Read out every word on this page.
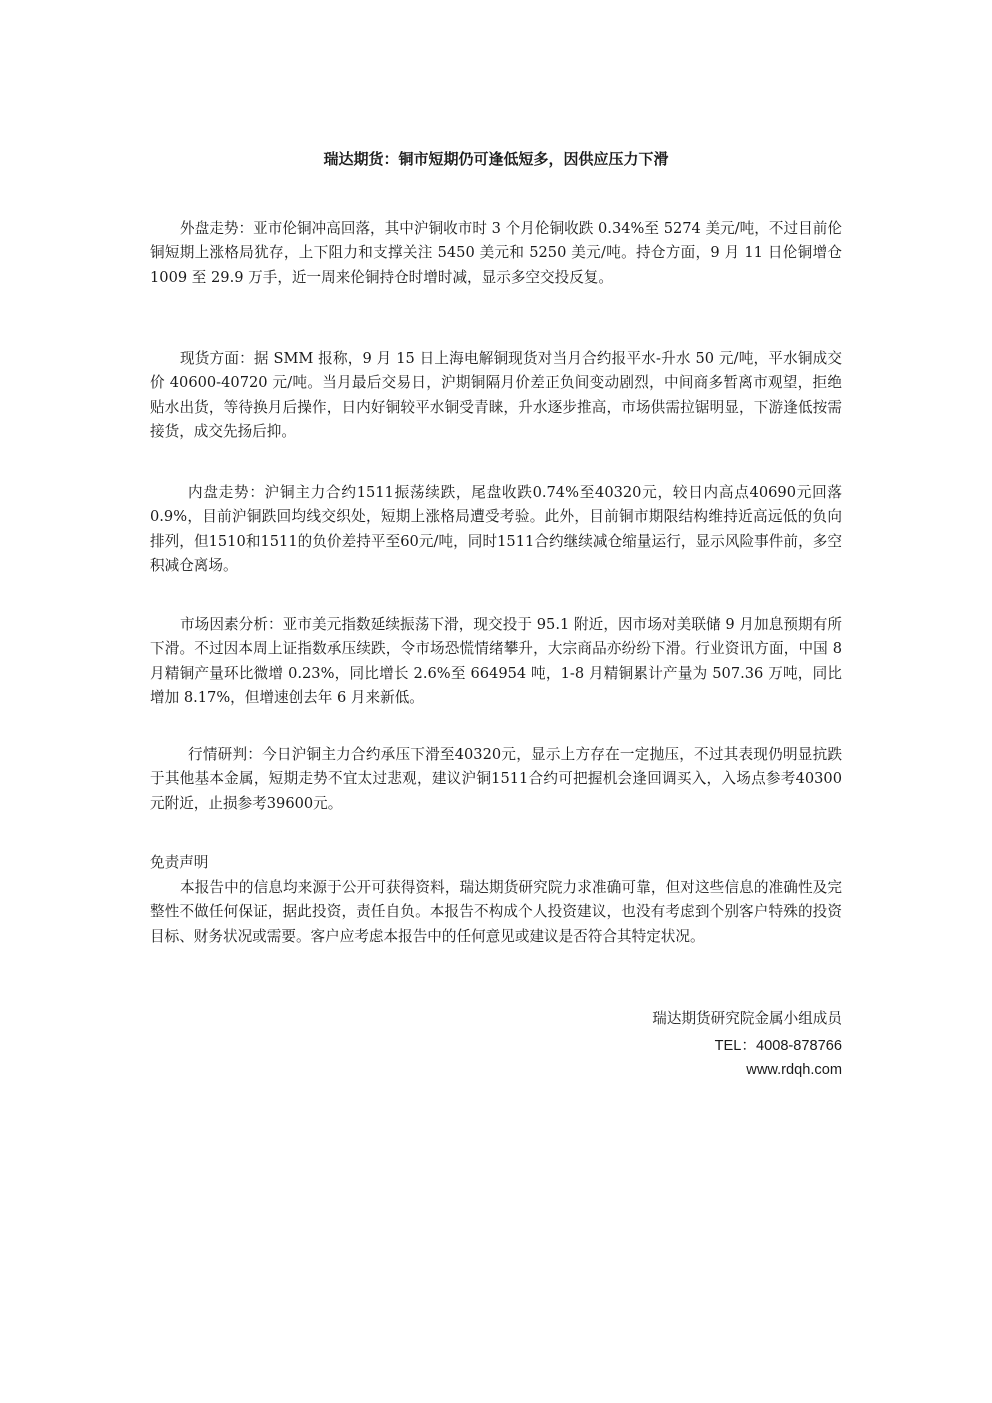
瑞达期货：铜市短期仍可逢低短多，因供应压力下滑

外盘走势：亚市伦铜冲高回落，其中沪铜收市时 3 个月伦铜收跌 0.34%至 5274 美元/吨，不过目前伦铜短期上涨格局犹存，上下阻力和支撑关注 5450 美元和 5250 美元/吨。持仓方面，9 月 11 日伦铜增仓 1009 至 29.9 万手，近一周来伦铜持仓时增时减，显示多空交投反复。

现货方面：据 SMM 报称，9 月 15 日上海电解铜现货对当月合约报平水-升水 50 元/吨，平水铜成交价 40600-40720 元/吨。当月最后交易日，沪期铜隔月价差正负间变动剧烈，中间商多暂离市观望，拒绝贴水出货，等待换月后操作，日内好铜较平水铜受青睐，升水逐步推高，市场供需拉锯明显，下游逢低按需接货，成交先扬后抑。

内盘走势：沪铜主力合约1511振荡续跌，尾盘收跌0.74%至40320元，较日内高点40690元回落0.9%，目前沪铜跌回均线交织处，短期上涨格局遭受考验。此外，目前铜市期限结构维持近高远低的负向排列，但1510和1511的负价差持平至60元/吨，同时1511合约继续减仓缩量运行，显示风险事件前，多空积减仓离场。

市场因素分析：亚市美元指数延续振荡下滑，现交投于 95.1 附近，因市场对美联储 9 月加息预期有所下滑。不过因本周上证指数承压续跌，令市场恐慌情绪攀升，大宗商品亦纷纷下滑。行业资讯方面，中国 8 月精铜产量环比微增 0.23%，同比增长 2.6%至 664954 吨，1-8 月精铜累计产量为 507.36 万吨，同比增加 8.17%，但增速创去年 6 月来新低。

行情研判：今日沪铜主力合约承压下滑至40320元，显示上方存在一定抛压，不过其表现仍明显抗跌于其他基本金属，短期走势不宜太过悲观，建议沪铜1511合约可把握机会逢回调买入，入场点参考40300元附近，止损参考39600元。

免责声明

本报告中的信息均来源于公开可获得资料，瑞达期货研究院力求准确可靠，但对这些信息的准确性及完整性不做任何保证，据此投资，责任自负。本报告不构成个人投资建议，也没有考虑到个别客户特殊的投资目标、财务状况或需要。客户应考虑本报告中的任何意见或建议是否符合其特定状况。

瑞达期货研究院金属小组成员
TEL：4008-878766
www.rdqh.com
